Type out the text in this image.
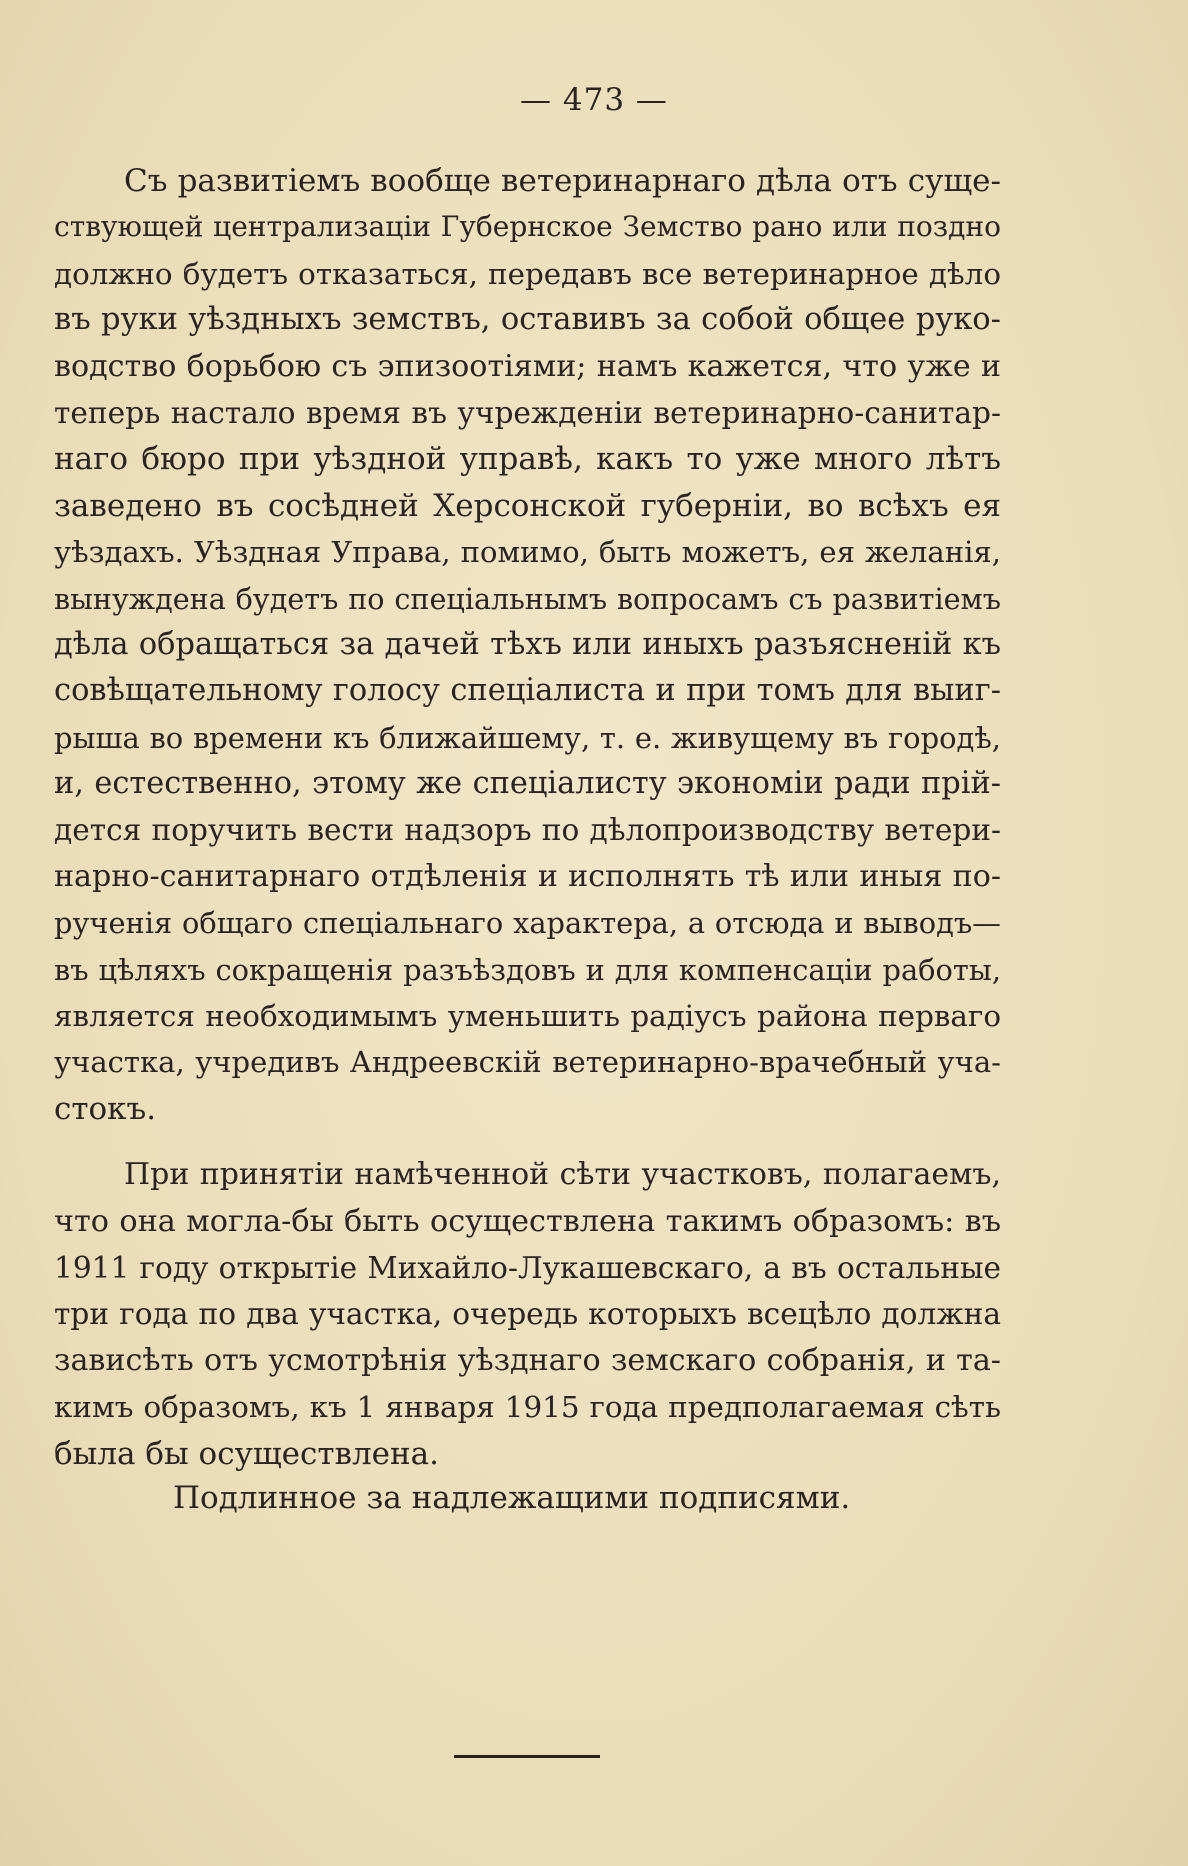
— 473 —
Съ развитіемъ вообще ветеринарнаго дѣла отъ суще-
ствующей централизаціи Губернское Земство рано или поздно
должно будетъ отказаться, передавъ все ветеринарное дѣло
въ руки уѣздныхъ земствъ, оставивъ за собой общее руко-
водство борьбою съ эпизоотіями; намъ кажется, что уже и
теперь настало время въ учрежденіи ветеринарно-санитар-
наго бюро при уѣздной управѣ, какъ то уже много лѣтъ
заведено въ сосѣдней Херсонской губерніи, во всѣхъ ея
уѣздахъ. Уѣздная Управа, помимо, быть можетъ, ея желанія,
вынуждена будетъ по спеціальнымъ вопросамъ съ развитіемъ
дѣла обращаться за дачей тѣхъ или иныхъ разъясненій къ
совѣщательному голосу спеціалиста и при томъ для выиг-
рыша во времени къ ближайшему, т. е. живущему въ городѣ,
и, естественно, этому же спеціалисту экономіи ради прій-
дется поручить вести надзоръ по дѣлопроизводству ветери-
нарно-санитарнаго отдѣленія и исполнять тѣ или иныя по-
рученія общаго спеціальнаго характера, а отсюда и выводъ—
въ цѣляхъ сокращенія разъѣздовъ и для компенсаціи работы,
является необходимымъ уменьшить радіусъ района перваго
участка, учредивъ Андреевскій ветеринарно-врачебный уча-
стокъ.
При принятіи намѣченной сѣти участковъ, полагаемъ,
что она могла-бы быть осуществлена такимъ образомъ: въ
1911 году открытіе Михайло-Лукашевскаго, а въ остальные
три года по два участка, очередь которыхъ всецѣло должна
зависѣть отъ усмотрѣнія уѣзднаго земскаго собранія, и та-
кимъ образомъ, къ 1 января 1915 года предполагаемая сѣть
была бы осуществлена.
Подлинное за надлежащими подписями.
